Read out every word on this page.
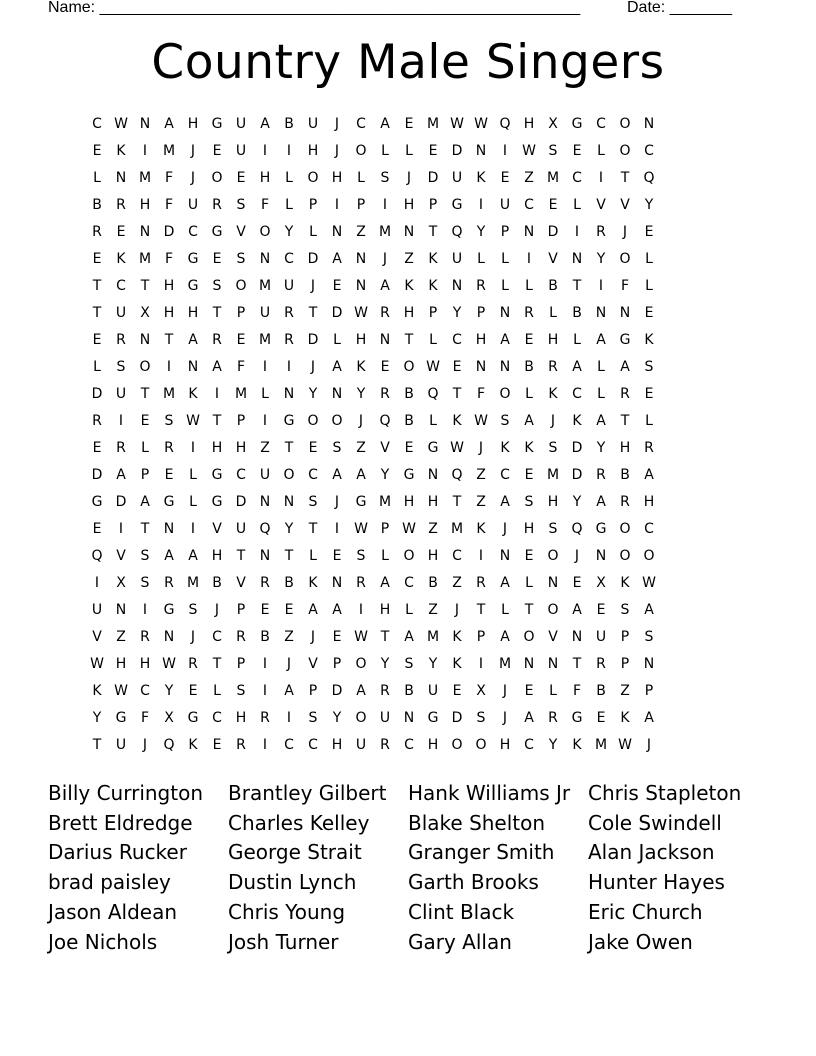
Name: ______________________________________________________	Date: _______
Country Male Singers
C W N A H G U	A	B	U	J	C	A	E M W W Q H X G C O N
E	K	I	M	J	E	U	I	I	H	J	O	L	L	E	D N	I	W S	E	L	O C
L	N M F	J	O	E	H	L	O H	L	S	J	D U	K	E	Z M C	I	T	Q
B	R H	F	U	R	S	F	L	P	I	P	I	H	P	G	I	U C	E	L	V	V	Y
R	E	N D C G V O	Y	L	N Z M N	T	Q	Y	P	N D	I	R	J	E
E	K M F	G	E	S	N C D A N	J	Z	K	U	L	L	I	V N	Y	O	L
T	C	T	H G	S	O M U	J	E	N A	K	K	N R	L	L	B	T	I	F	L
T	U	X H H	T	P	U	R	T	D W R H	P	Y	P	N R	L	B N N	E
E	R N	T	A	R	E M R D	L	H N	T	L	C H A	E	H	L	A G K
L	S	O	I	N A	F	I	I	J	A	K	E	O W E	N N B	R	A	L	A	S
D U	T M K	I	M	L	N	Y	N	Y	R	B Q	T	F	O	L	K	C	L	R	E
R	I	E	S W T	P	I	G O O	J	Q B	L	K W S	A	J	K	A	T	L
E	R	L	R	I	H H Z	T	E	S	Z	V	E	G W	J	K	K	S	D	Y	H R
D A	P	E	L	G C U O C	A	A	Y	G N Q Z	C	E M D R	B	A
G D A G	L	G D N N	S	J	G M H H	T	Z	A	S	H	Y	A	R H
E	I	T	N	I	V	U Q	Y	T	I	W P W Z M K	J	H	S	Q G O C
Q V	S	A	A H	T	N	T	L	E	S	L	O H C	I	N	E	O	J	N O O
I	X	S	R M B	V	R	B	K	N R	A	C	B	Z	R	A	L	N	E	X	K W
U N	I	G	S	J	P	E	E	A	A	I	H	L	Z	J	T	L	T	O A	E	S	A
V	Z	R N	J	C	R	B	Z	J	E W T	A M K	P	A O V N U	P	S
W H H W R	T	P	I	J	V	P	O	Y	S	Y	K	I	M N N	T	R	P	N
K W C	Y	E	L	S	I	A	P	D A	R	B	U	E	X	J	E	L	F	B	Z	P
Y	G	F	X G C H R	I	S	Y	O U N G D	S	J	A	R G	E	K	A
T	U	J	Q K	E	R	I	C	C H U	R	C H O O H C	Y	K M W	J
Billy Currington
Brett Eldredge
Darius Rucker
brad paisley
Jason Aldean
Joe Nichols
Brantley Gilbert
Charles Kelley
George Strait
Dustin Lynch
Chris Young
Josh Turner
Hank Williams Jr
Blake Shelton
Granger Smith
Garth Brooks
Clint Black
Gary Allan
Chris Stapleton
Cole Swindell
Alan Jackson
Hunter Hayes
Eric Church
Jake Owen
